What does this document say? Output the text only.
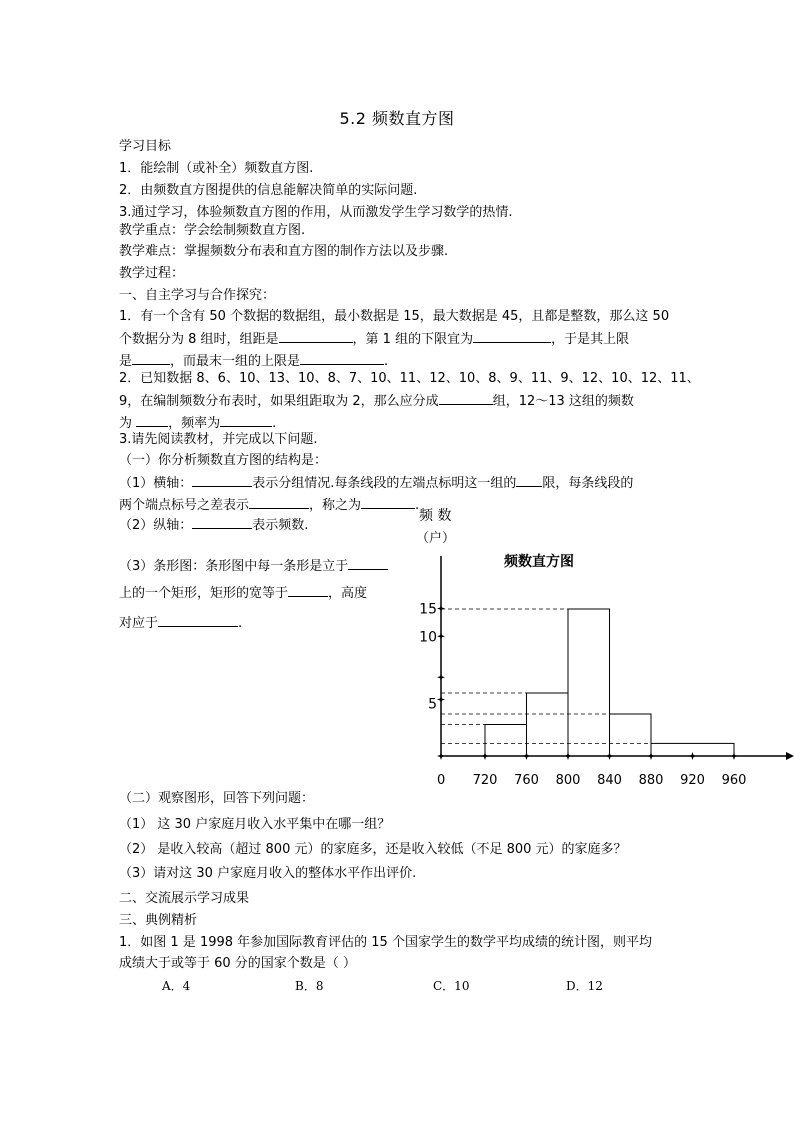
5.2 频数直方图
学习目标
1．能绘制（或补全）频数直方图.
2．由频数直方图提供的信息能解决简单的实际问题.
3.通过学习，体验频数直方图的作用，从而激发学生学习数学的热情.
教学重点：学会绘制频数直方图.
教学难点：掌握频数分布表和直方图的制作方法以及步骤.
教学过程：
一、自主学习与合作探究：
1．有一个含有 50 个数据的数据组，最小数据是 15，最大数据是 45，且都是整数，那么这 50
个数据分为 8 组时，组距是	，第 1 组的下限宜为	，于是其上限
是	，而最末一组的上限是	.
2．已知数据 8、6、10、13、10、8、7、10、11、12、10、8、9、11、9、12、10、12、11、
9，在编制频数分布表时，如果组距取为 2，那么应分成	组，12～13 这组的频数
为	，频率为	.
3.请先阅读教材，并完成以下问题.
（一）你分析频数直方图的结构是：
（1）横轴：	表示分组情况.每条线段的左端点标明这一组的 限，每条线段的
两个端点标号之差表示	，称之为	.
（2）纵轴：	表示频数.
（3）条形图：条形图中每一条形是立于
上的一个矩形，矩形的宽等于	，高度
对应于	.
频 数
（户）
频数直方图
0 720 760 800 840 880 920 960
5
10
15
（二）观察图形，回答下列问题：
（1） 这 30 户家庭月收入水平集中在哪一组？
（2） 是收入较高（超过 800 元）的家庭多，还是收入较低（不足 800 元）的家庭多？
（3）请对这 30 户家庭月收入的整体水平作出评价.
二、交流展示学习成果
三、典例精析
1．如图 1 是 1998 年参加国际教育评估的 15 个国家学生的数学平均成绩的统计图，则平均
成绩大于或等于 60 分的国家个数是（ ）
A．4	B．8	C．10	D．12
